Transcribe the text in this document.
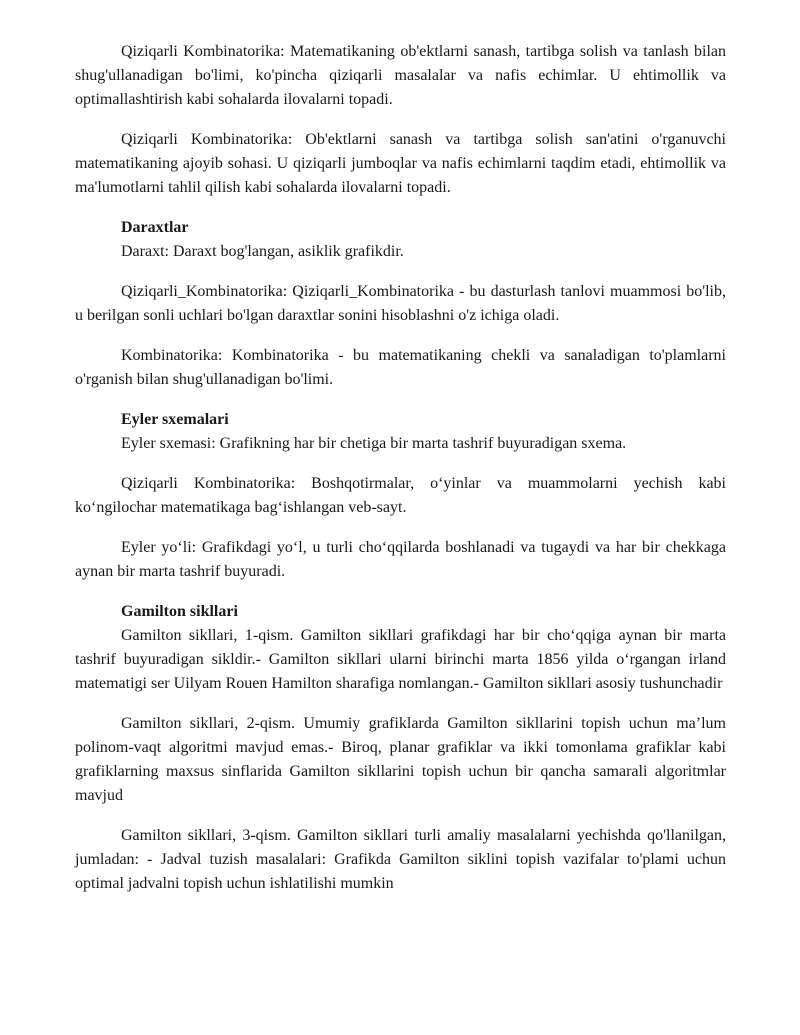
Qiziqarli Kombinatorika: Matematikaning ob'ektlarni sanash, tartibga solish va tanlash bilan shug'ullanadigan bo'limi, ko'pincha qiziqarli masalalar va nafis echimlar. U ehtimollik va optimallashtirish kabi sohalarda ilovalarni topadi.

Qiziqarli Kombinatorika: Ob'ektlarni sanash va tartibga solish san'atini o'rganuvchi matematikaning ajoyib sohasi. U qiziqarli jumboqlar va nafis echimlarni taqdim etadi, ehtimollik va ma'lumotlarni tahlil qilish kabi sohalarda ilovalarni topadi.

Daraxtlar

Daraxt: Daraxt bog'langan, asiklik grafikdir.

Qiziqarli_Kombinatorika: Qiziqarli_Kombinatorika - bu dasturlash tanlovi muammosi bo'lib, u berilgan sonli uchlari bo'lgan daraxtlar sonini hisoblashni o'z ichiga oladi.

Kombinatorika: Kombinatorika - bu matematikaning chekli va sanaladigan to'plamlarni o'rganish bilan shug'ullanadigan bo'limi.

Eyler sxemalari

Eyler sxemasi: Grafikning har bir chetiga bir marta tashrif buyuradigan sxema.

Qiziqarli Kombinatorika: Boshqotirmalar, o‘yinlar va muammolarni yechish kabi ko‘ngilochar matematikaga bag‘ishlangan veb-sayt.

Eyler yo‘li: Grafikdagi yo‘l, u turli cho‘qqilarda boshlanadi va tugaydi va har bir chekkaga aynan bir marta tashrif buyuradi.

Gamilton sikllari

Gamilton sikllari, 1-qism. Gamilton sikllari grafikdagi har bir cho‘qqiga aynan bir marta tashrif buyuradigan sikldir.- Gamilton sikllari ularni birinchi marta 1856 yilda o‘rgangan irland matematigi ser Uilyam Rouen Hamilton sharafiga nomlangan.- Gamilton sikllari asosiy tushunchadir

Gamilton sikllari, 2-qism. Umumiy grafiklarda Gamilton sikllarini topish uchun ma’lum polinom-vaqt algoritmi mavjud emas.- Biroq, planar grafiklar va ikki tomonlama grafiklar kabi grafiklarning maxsus sinflarida Gamilton sikllarini topish uchun bir qancha samarali algoritmlar mavjud

Gamilton sikllari, 3-qism. Gamilton sikllari turli amaliy masalalarni yechishda qo'llanilgan, jumladan: - Jadval tuzish masalalari: Grafikda Gamilton siklini topish vazifalar to'plami uchun optimal jadvalni topish uchun ishlatilishi mumkin
